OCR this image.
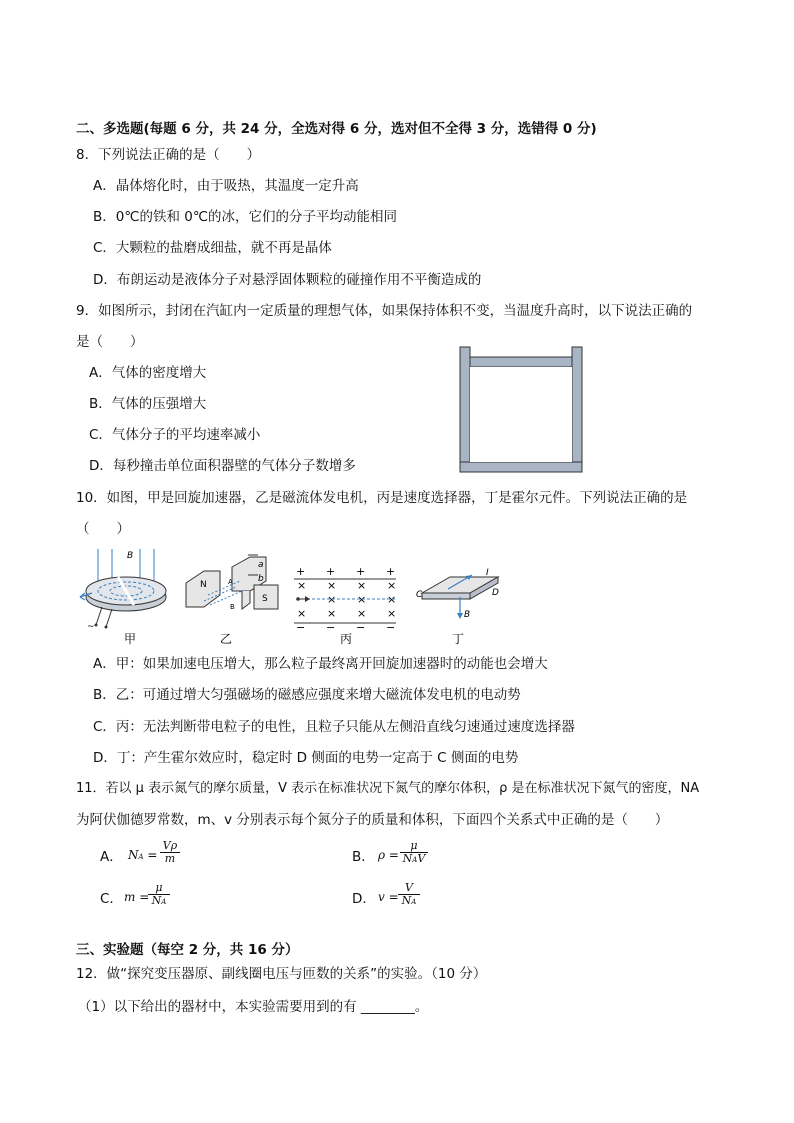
二、多选题(每题 6 分，共 24 分，全选对得 6 分，选对但不全得 3 分，选错得 0 分)
8．下列说法正确的是（　　）
A．晶体熔化时，由于吸热，其温度一定升高
B．0℃的铁和 0℃的冰，它们的分子平均动能相同
C．大颗粒的盐磨成细盐，就不再是晶体
D．布朗运动是液体分子对悬浮固体颗粒的碰撞作用不平衡造成的
9．如图所示，封闭在汽缸内一定质量的理想气体，如果保持体积不变，当温度升高时，以下说法正确的
是（　　）
A．气体的密度增大
B．气体的压强增大
C．气体分子的平均速率减小
D．每秒撞击单位面积器壁的气体分子数增多
10．如图，甲是回旋加速器，乙是磁流体发电机，丙是速度选择器，丁是霍尔元件。下列说法正确的是
（　　）
B
~
N
S
A
B
a
b
+ + + +
− − − −
× × × ×
× × ×
× × × ×
I
C	D
B
甲	乙	丙	丁
A．甲：如果加速电压增大，那么粒子最终离开回旋加速器时的动能也会增大
B．乙：可通过增大匀强磁场的磁感应强度来增大磁流体发电机的电动势
C．丙：无法判断带电粒子的电性，且粒子只能从左侧沿直线匀速通过速度选择器
D．丁：产生霍尔效应时，稳定时 D 侧面的电势一定高于 C 侧面的电势
11．若以 μ 表示氮气的摩尔质量，V 表示在标准状况下氮气的摩尔体积，ρ 是在标准状况下氮气的密度，NA
为阿伏伽德罗常数，m、v 分别表示每个氮分子的质量和体积，下面四个关系式中正确的是（　　）
A． NA =
Vρ
m	B． ρ =
μ
NAV
C． m =
μ
NA	D． v =
V
NA
三、实验题（每空 2 分，共 16 分）
12．做“探究变压器原、副线圈电压与匝数的关系”的实验。（10 分）
（1）以下给出的器材中，本实验需要用到的有 ________。
